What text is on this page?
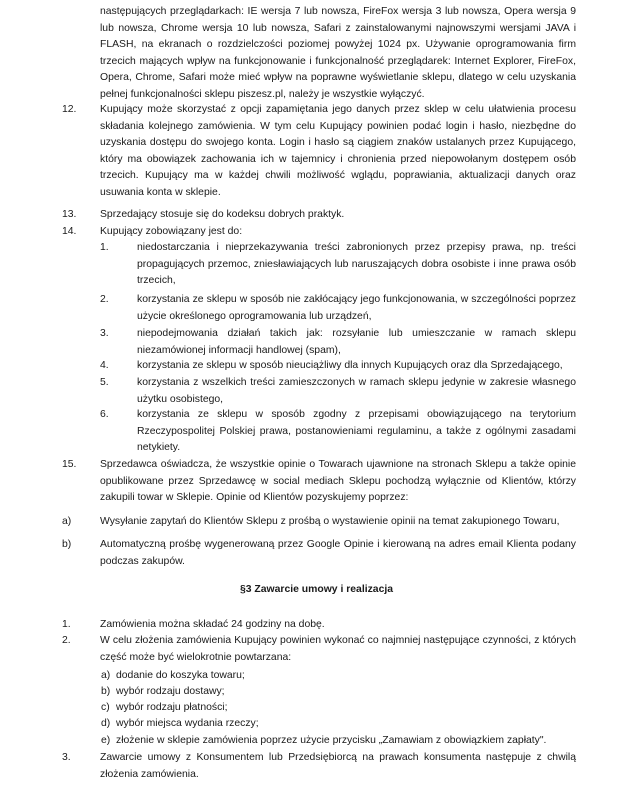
następujących przeglądarkach: IE wersja 7 lub nowsza, FireFox wersja 3 lub nowsza, Opera wersja 9 lub nowsza, Chrome wersja 10 lub nowsza, Safari z zainstalowanymi najnowszymi wersjami JAVA i FLASH, na ekranach o rozdzielczości poziomej powyżej 1024 px. Używanie oprogramowania firm trzecich mających wpływ na funkcjonowanie i funkcjonalność przeglądarek: Internet Explorer, FireFox, Opera, Chrome, Safari może mieć wpływ na poprawne wyświetlanie sklepu, dlatego w celu uzyskania pełnej funkcjonalności sklepu piszesz.pl, należy je wszystkie wyłączyć.
12. Kupujący może skorzystać z opcji zapamiętania jego danych przez sklep w celu ułatwienia procesu składania kolejnego zamówienia. W tym celu Kupujący powinien podać login i hasło, niezbędne do uzyskania dostępu do swojego konta. Login i hasło są ciągiem znaków ustalanych przez Kupującego, który ma obowiązek zachowania ich w tajemnicy i chronienia przed niepowołanym dostępem osób trzecich. Kupujący ma w każdej chwili możliwość wglądu, poprawiania, aktualizacji danych oraz usuwania konta w sklepie.
13. Sprzedający stosuje się do kodeksu dobrych praktyk.
14. Kupujący zobowiązany jest do:
1.	niedostarczania i nieprzekazywania treści zabronionych przez przepisy prawa, np. treści propagujących przemoc, zniesławiających lub naruszających dobra osobiste i inne prawa osób trzecich,
2.	korzystania ze sklepu w sposób nie zakłócający jego funkcjonowania, w szczególności poprzez użycie określonego oprogramowania lub urządzeń,
3.	niepodejmowania działań takich jak: rozsyłanie lub umieszczanie w ramach sklepu niezamówionej informacji handlowej (spam),
4.	korzystania ze sklepu w sposób nieuciążliwy dla innych Kupujących oraz dla Sprzedającego,
5.	korzystania z wszelkich treści zamieszczonych w ramach sklepu jedynie w zakresie własnego użytku osobistego,
6.	korzystania ze sklepu w sposób zgodny z przepisami obowiązującego na terytorium Rzeczypospolitej Polskiej prawa, postanowieniami regulaminu, a także z ogólnymi zasadami netykiety.
15. Sprzedawca oświadcza, że wszystkie opinie o Towarach ujawnione na stronach Sklepu a także opinie opublikowane przez Sprzedawcę w social mediach Sklepu pochodzą wyłącznie od Klientów, którzy zakupili towar w Sklepie. Opinie od Klientów pozyskujemy poprzez:
a)	Wysyłanie zapytań do Klientów Sklepu z prośbą o wystawienie opinii na temat zakupionego Towaru,
b)	Automatyczną prośbę wygenerowaną przez Google Opinie i kierowaną na adres email Klienta podany podczas zakupów.
§3 Zawarcie umowy i realizacja
1.	Zamówienia można składać 24 godziny na dobę.
2.	W celu złożenia zamówienia Kupujący powinien wykonać co najmniej następujące czynności, z których część może być wielokrotnie powtarzana:
a) dodanie do koszyka towaru;
b) wybór rodzaju dostawy;
c) wybór rodzaju płatności;
d) wybór miejsca wydania rzeczy;
e) złożenie w sklepie zamówienia poprzez użycie przycisku „Zamawiam z obowiązkiem zapłaty".
3.	Zawarcie umowy z Konsumentem lub Przedsiębiorcą na prawach konsumenta następuje z chwilą złożenia zamówienia.
